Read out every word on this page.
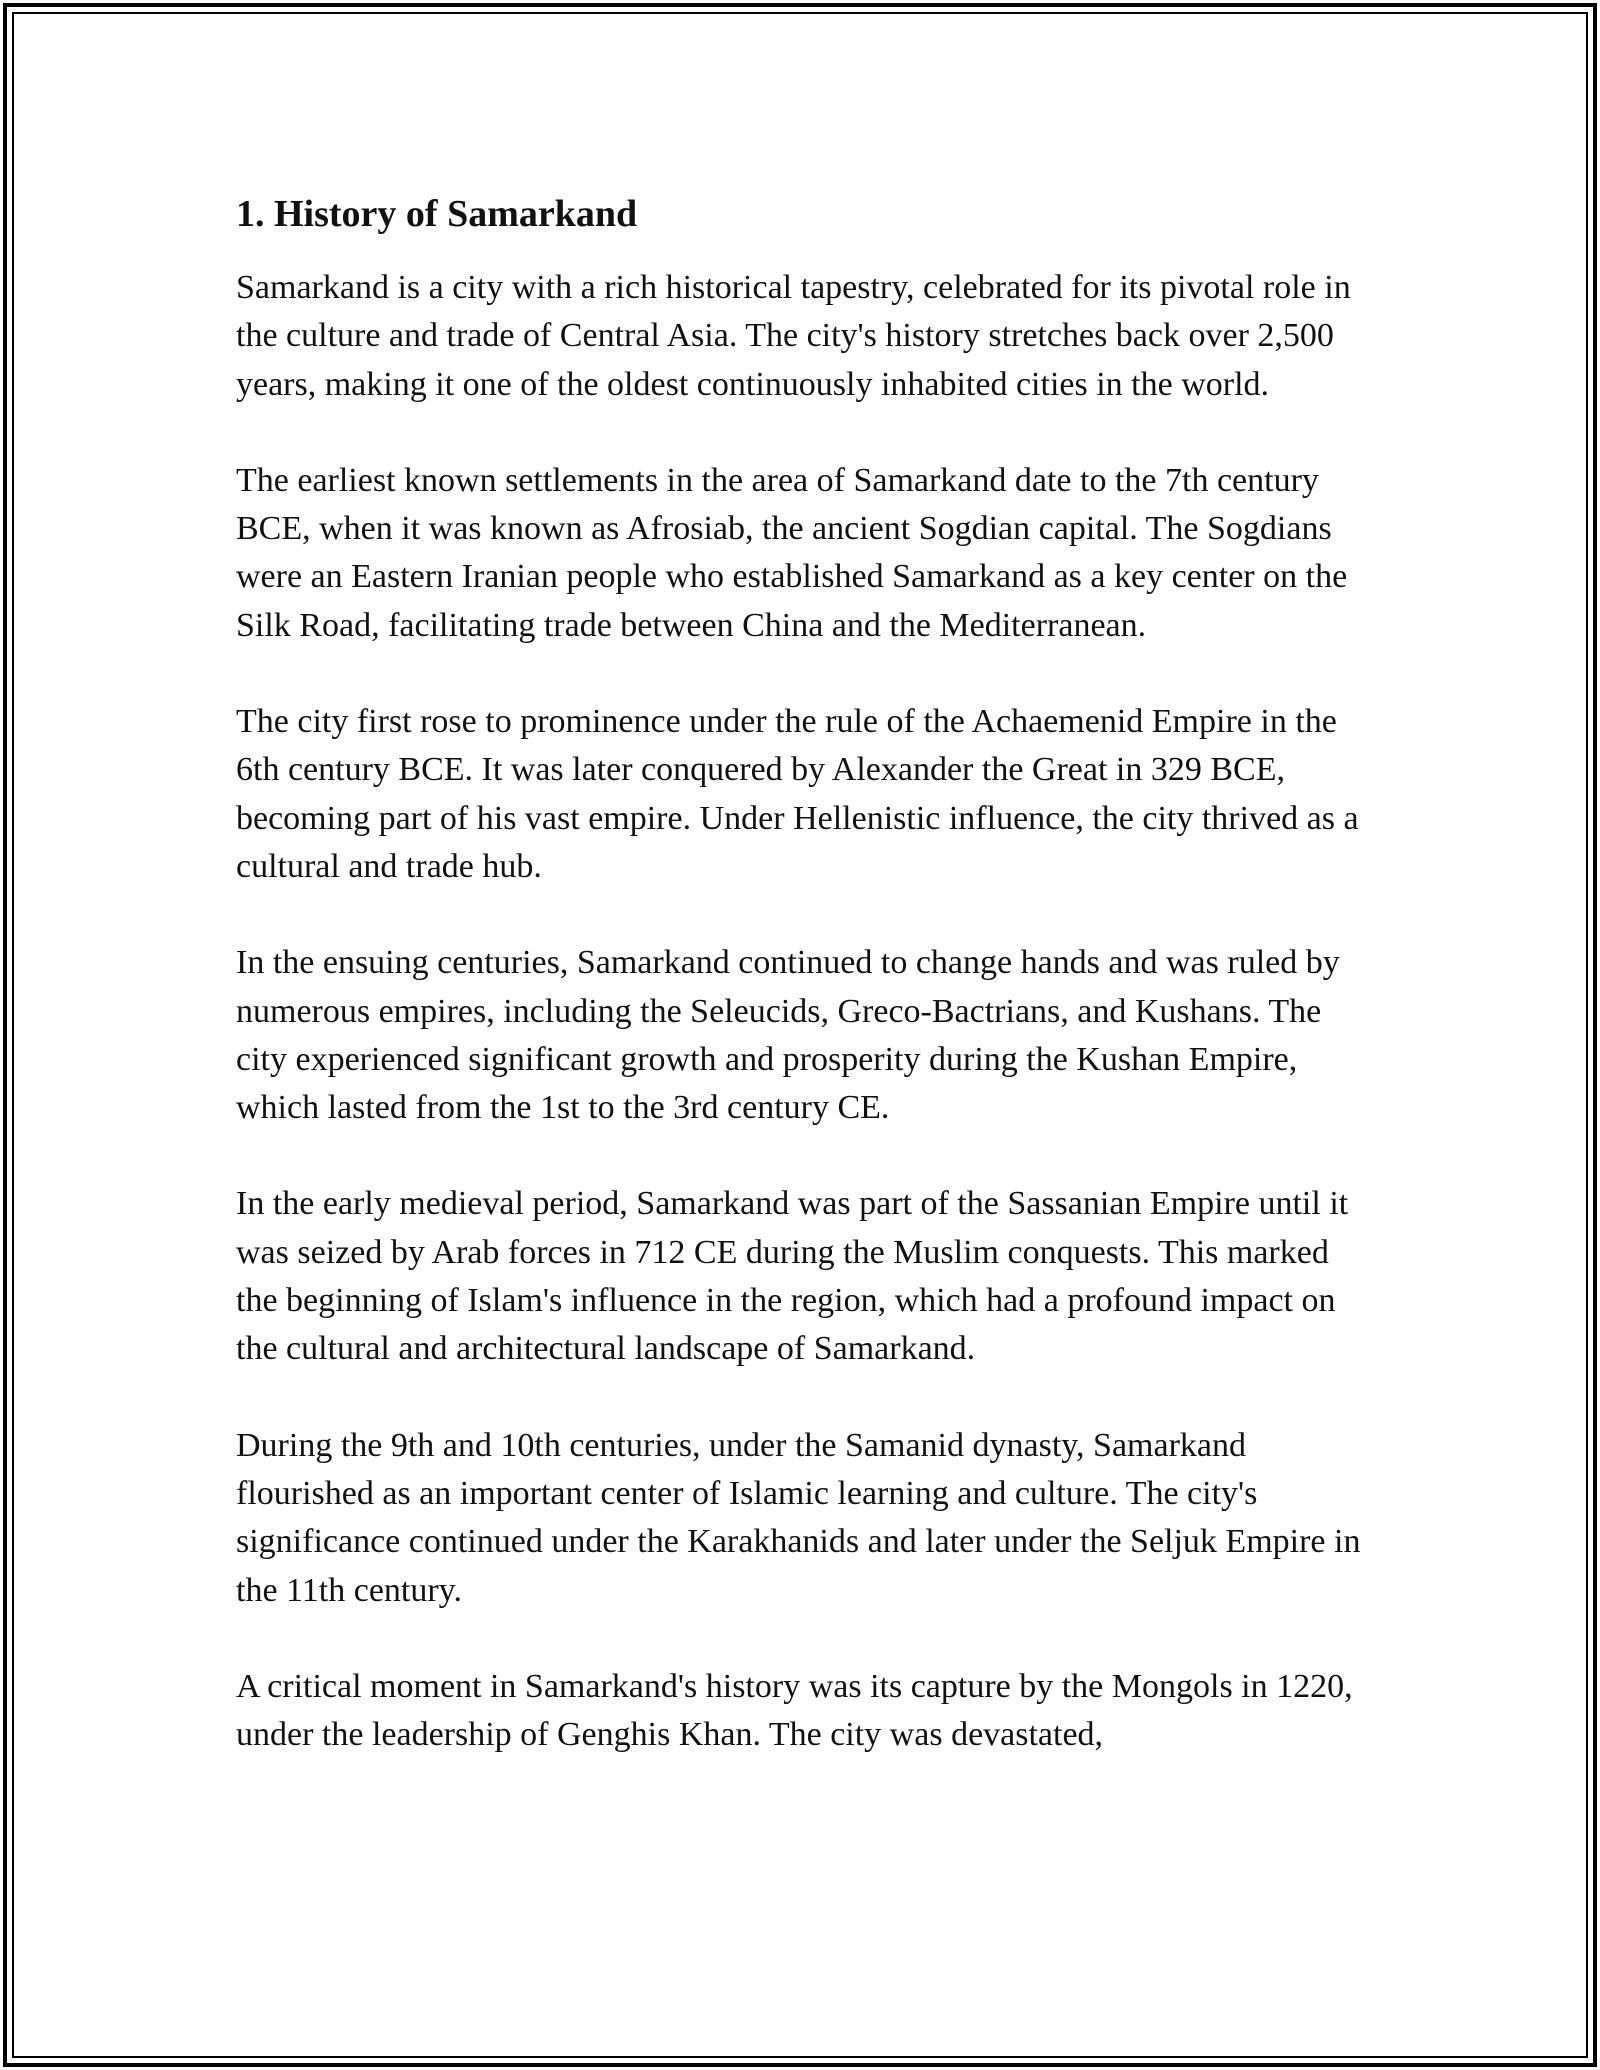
1. History of Samarkand

Samarkand is a city with a rich historical tapestry, celebrated for its pivotal role in the culture and trade of Central Asia. The city's history stretches back over 2,500 years, making it one of the oldest continuously inhabited cities in the world.

The earliest known settlements in the area of Samarkand date to the 7th century BCE, when it was known as Afrosiab, the ancient Sogdian capital. The Sogdians were an Eastern Iranian people who established Samarkand as a key center on the Silk Road, facilitating trade between China and the Mediterranean.

The city first rose to prominence under the rule of the Achaemenid Empire in the 6th century BCE. It was later conquered by Alexander the Great in 329 BCE, becoming part of his vast empire. Under Hellenistic influence, the city thrived as a cultural and trade hub.

In the ensuing centuries, Samarkand continued to change hands and was ruled by numerous empires, including the Seleucids, Greco-Bactrians, and Kushans. The city experienced significant growth and prosperity during the Kushan Empire, which lasted from the 1st to the 3rd century CE.

In the early medieval period, Samarkand was part of the Sassanian Empire until it was seized by Arab forces in 712 CE during the Muslim conquests. This marked the beginning of Islam's influence in the region, which had a profound impact on the cultural and architectural landscape of Samarkand.

During the 9th and 10th centuries, under the Samanid dynasty, Samarkand flourished as an important center of Islamic learning and culture. The city's significance continued under the Karakhanids and later under the Seljuk Empire in the 11th century.

A critical moment in Samarkand's history was its capture by the Mongols in 1220, under the leadership of Genghis Khan. The city was devastated,
